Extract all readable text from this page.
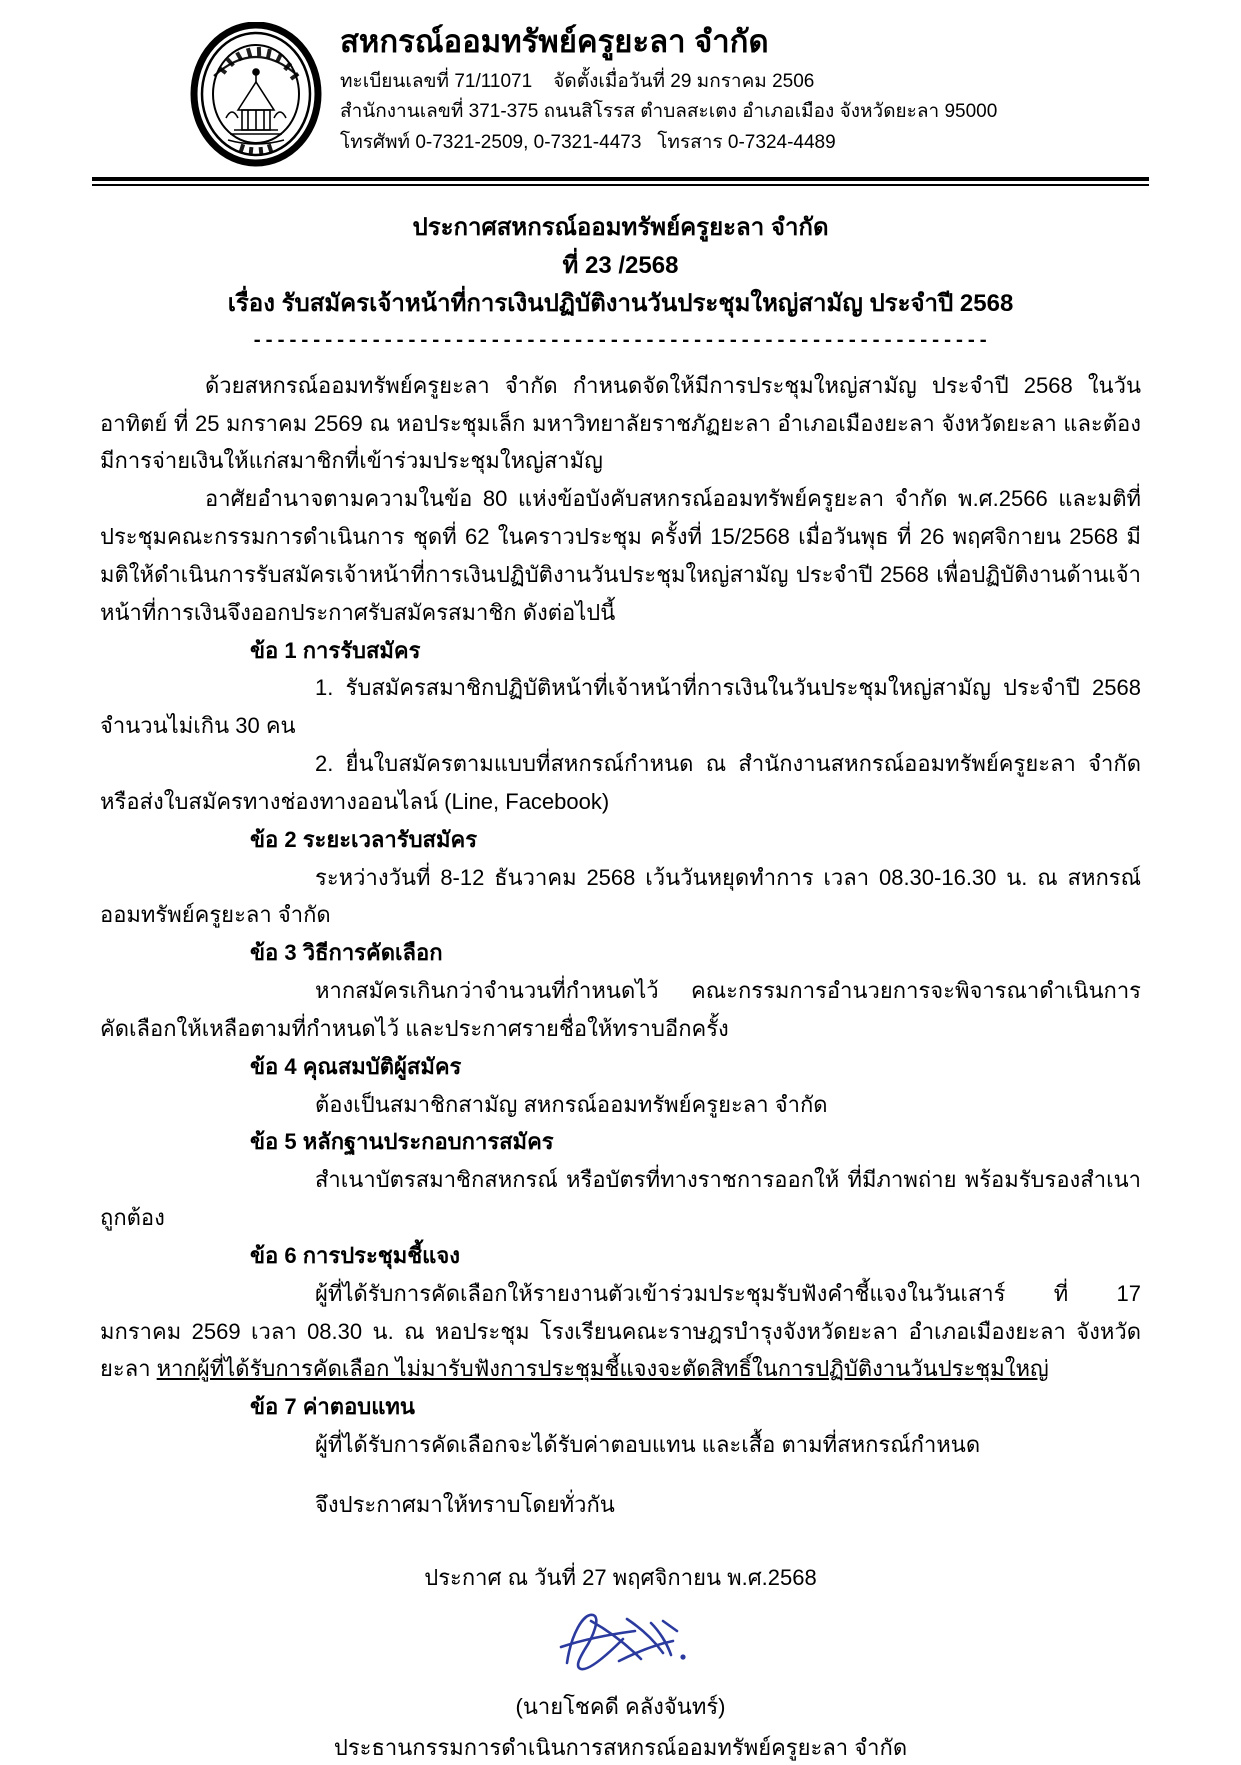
สหกรณ์ออมทรัพย์ครูยะลา จำกัด
ทะเบียนเลขที่ 71/11071    จัดตั้งเมื่อวันที่ 29 มกราคม 2506
สำนักงานเลขที่ 371-375 ถนนสิโรรส ตำบลสะเตง อำเภอเมือง จังหวัดยะลา 95000
โทรศัพท์ 0-7321-2509, 0-7321-4473   โทรสาร 0-7324-4489
ประกาศสหกรณ์ออมทรัพย์ครูยะลา จำกัด
ที่ 23 /2568
เรื่อง รับสมัครเจ้าหน้าที่การเงินปฏิบัติงานวันประชุมใหญ่สามัญ ประจำปี 2568
--------------------------------------------------------------

ด้วยสหกรณ์ออมทรัพย์ครูยะลา จำกัด กำหนดจัดให้มีการประชุมใหญ่สามัญ ประจำปี 2568 ในวันอาทิตย์ ที่ 25 มกราคม 2569 ณ หอประชุมเล็ก มหาวิทยาลัยราชภัฏยะลา อำเภอเมืองยะลา จังหวัดยะลา และต้องมีการจ่ายเงินให้แก่สมาชิกที่เข้าร่วมประชุมใหญ่สามัญ

อาศัยอำนาจตามความในข้อ 80 แห่งข้อบังคับสหกรณ์ออมทรัพย์ครูยะลา จำกัด พ.ศ.2566 และมติที่ประชุมคณะกรรมการดำเนินการ ชุดที่ 62 ในคราวประชุม ครั้งที่ 15/2568 เมื่อวันพุธ ที่ 26 พฤศจิกายน 2568 มีมติให้ดำเนินการรับสมัครเจ้าหน้าที่การเงินปฏิบัติงานวันประชุมใหญ่สามัญ ประจำปี 2568 เพื่อปฏิบัติงานด้านเจ้าหน้าที่การเงินจึงออกประกาศรับสมัครสมาชิก ดังต่อไปนี้

ข้อ 1 การรับสมัคร

1. รับสมัครสมาชิกปฏิบัติหน้าที่เจ้าหน้าที่การเงินในวันประชุมใหญ่สามัญ ประจำปี 2568 จำนวนไม่เกิน 30 คน

2. ยื่นใบสมัครตามแบบที่สหกรณ์กำหนด ณ สำนักงานสหกรณ์ออมทรัพย์ครูยะลา จำกัด หรือส่งใบสมัครทางช่องทางออนไลน์ (Line, Facebook)

ข้อ 2 ระยะเวลารับสมัคร

ระหว่างวันที่ 8-12 ธันวาคม 2568 เว้นวันหยุดทำการ เวลา 08.30-16.30 น. ณ สหกรณ์ออมทรัพย์ครูยะลา จำกัด

ข้อ 3 วิธีการคัดเลือก

หากสมัครเกินกว่าจำนวนที่กำหนดไว้ คณะกรรมการอำนวยการจะพิจารณาดำเนินการคัดเลือกให้เหลือตามที่กำหนดไว้ และประกาศรายชื่อให้ทราบอีกครั้ง

ข้อ 4 คุณสมบัติผู้สมัคร

ต้องเป็นสมาชิกสามัญ สหกรณ์ออมทรัพย์ครูยะลา จำกัด

ข้อ 5 หลักฐานประกอบการสมัคร

สำเนาบัตรสมาชิกสหกรณ์ หรือบัตรที่ทางราชการออกให้ ที่มีภาพถ่าย พร้อมรับรองสำเนาถูกต้อง

ข้อ 6 การประชุมชี้แจง

ผู้ที่ได้รับการคัดเลือกให้รายงานตัวเข้าร่วมประชุมรับฟังคำชี้แจงในวันเสาร์ ที่ 17 มกราคม 2569 เวลา 08.30 น. ณ หอประชุม โรงเรียนคณะราษฎรบำรุงจังหวัดยะลา อำเภอเมืองยะลา จังหวัดยะลา หากผู้ที่ได้รับการคัดเลือก ไม่มารับฟังการประชุมชี้แจงจะตัดสิทธิ์ในการปฏิบัติงานวันประชุมใหญ่

ข้อ 7 ค่าตอบแทน

ผู้ที่ได้รับการคัดเลือกจะได้รับค่าตอบแทน และเสื้อ ตามที่สหกรณ์กำหนด

จึงประกาศมาให้ทราบโดยทั่วกัน

ประกาศ ณ วันที่ 27 พฤศจิกายน พ.ศ.2568
(นายโชคดี คลังจันทร์)
ประธานกรรมการดำเนินการสหกรณ์ออมทรัพย์ครูยะลา จำกัด
